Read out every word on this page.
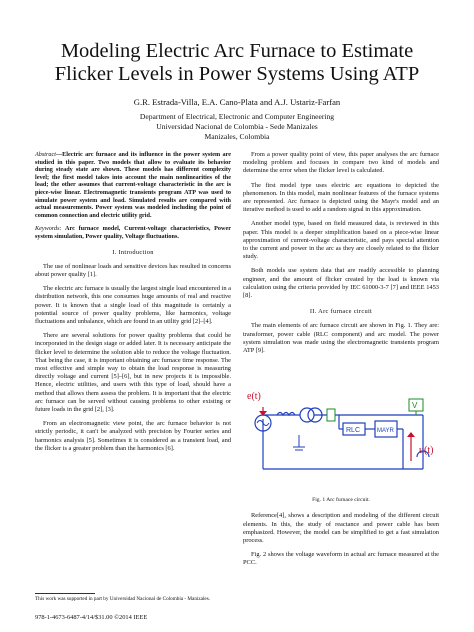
Modeling Electric Arc Furnace to Estimate Flicker Levels in Power Systems Using ATP
G.R. Estrada-Villa, E.A. Cano-Plata and A.J. Ustariz-Farfan
Department of Electrical, Electronic and Computer Engineering
Universidad Nacional de Colombia - Sede Manizales
Manizales, Colombia
Abstract—Electric arc furnace and its influence in the power system are studied in this paper. Two models that allow to evaluate its behavior during steady state are shown. These models has different complexity level; the first model takes into account the main nonlinearities of the load; the other assumes that current-voltage characteristic in the arc is piece-wise linear. Electromagnetic transients program ATP was used to simulate power system and load. Simulated results are compared with actual measurements. Power system was modeled including the point of common connection and electric utility grid.
Keywords: Arc furnace model, Current-voltage characteristics, Power system simulation, Power quality, Voltage fluctuations.
I. Introduction
The use of nonlinear loads and sensitive devices has resulted in concerns about power quality [1].
The electric arc furnace is usually the largest single load encountered in a distribution network, this one consumes huge amounts of real and reactive power. It is known that a single load of this magnitude is certainly a potential source of power quality problems, like harmonics, voltage fluctuations and unbalance, which are found in an utility grid [2]–[4].
There are several solutions for power quality problems that could be incorporated in the design stage or added later. It is necessary anticipate the flicker level to determine the solution able to reduce the voltage fluctuation. That being the case, it is important obtaining arc furnace time response. The most effective and simple way to obtain the load response is measuring directly voltage and current [5]–[6], but in new projects it is impossible. Hence, electric utilities, and users with this type of load, should have a method that allows them assess the problem. It is important that the electric arc furnace can be served without causing problems to other existing or future loads in the grid [2], [3].
From an electromagnetic view point, the arc furnace behavior is not strictly periodic, it can't be analyzed with precision by Fourier series and harmonics analysis [5]. Sometimes it is considered as a transient load, and the flicker is a greater problem than the harmonics [6].
This work was supported in part by Universidad Nacional de Colombia - Manizales.
978-1-4673-6487-4/14/$31.00 ©2014 IEEE
From a power quality point of view, this paper analyses the arc furnace modeling problem and focuses in compare two kind of models and determine the error when the flicker level is calculated.
The first model type uses electric arc equations to depicted the phenomenon. In this model, main nonlinear features of the furnace systems are represented. Arc furnace is depicted using the Mayr's model and an iterative method is used to add a random signal in this approximation.
Another model type, based on field measured data, is reviewed in this paper. This model is a deeper simplification based on a piece-wise linear approximation of current-voltage characteristic, and pays special attention to the current and power in the arc as they are closely related to the flicker study.
Both models use system data that are readily accessible to planning engineer, and the amount of flicker created by the load is known via calculation using the criteria provided by IEC 61000-3-7 [7] and IEEE 1453 [8].
II. Arc furnace circuit
The main elements of arc furnace circuit are shown in Fig. 1. They are: transformer, power cable (RLC component) and arc model. The power system simulation was made using the electromagnetic transients program ATP [9].
e(t)
RLC	MAYR
V
u(t)
Fig. 1 Arc furnace circuit.
Reference[4], shows a description and modeling of the different circuit elements. In this, the study of reactance and power cable has been emphasized. However, the model can be simplified to get a fast simulation process.
Fig. 2 shows the voltage waveform in actual arc furnace measured at the PCC.
